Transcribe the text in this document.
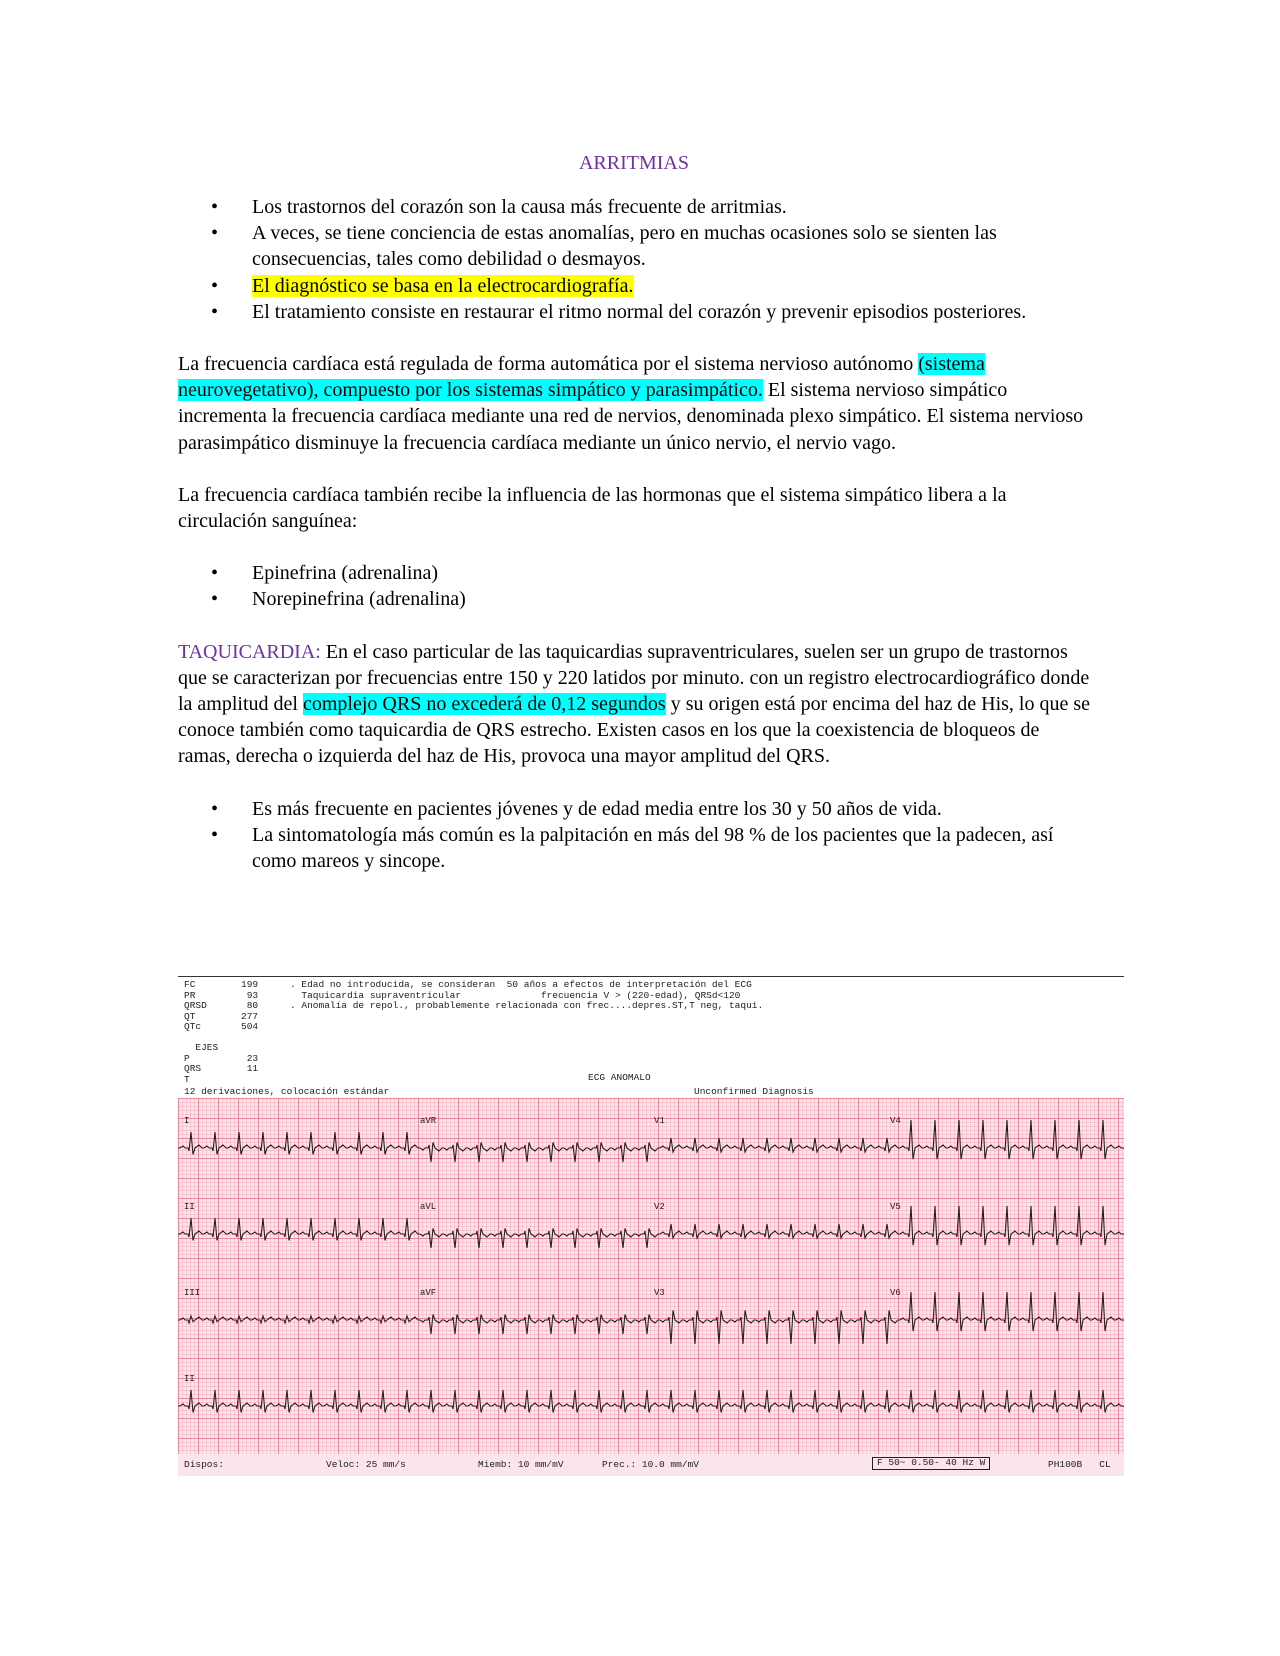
ARRITMIAS
• Los trastornos del corazón son la causa más frecuente de arritmias.
• A veces, se tiene conciencia de estas anomalías, pero en muchas ocasiones solo se sienten las consecuencias, tales como debilidad o desmayos.
• El diagnóstico se basa en la electrocardiografía.
• El tratamiento consiste en restaurar el ritmo normal del corazón y prevenir episodios posteriores.

La frecuencia cardíaca está regulada de forma automática por el sistema nervioso autónomo (sistema neurovegetativo), compuesto por los sistemas simpático y parasimpático. El sistema nervioso simpático incrementa la frecuencia cardíaca mediante una red de nervios, denominada plexo simpático. El sistema nervioso parasimpático disminuye la frecuencia cardíaca mediante un único nervio, el nervio vago.

La frecuencia cardíaca también recibe la influencia de las hormonas que el sistema simpático libera a la circulación sanguínea:

• Epinefrina (adrenalina)
• Norepinefrina (adrenalina)

TAQUICARDIA: En el caso particular de las taquicardias supraventriculares, suelen ser un grupo de trastornos que se caracterizan por frecuencias entre 150 y 220 latidos por minuto. con un registro electrocardiográfico donde la amplitud del complejo QRS no excederá de 0,12 segundos y su origen está por encima del haz de His, lo que se conoce también como taquicardia de QRS estrecho. Existen casos en los que la coexistencia de bloqueos de ramas, derecha o izquierda del haz de His, provoca una mayor amplitud del QRS.

• Es más frecuente en pacientes jóvenes y de edad media entre los 30 y 50 años de vida.
• La sintomatología más común es la palpitación en más del 98 % de los pacientes que la padecen, así como mareos y sincope.
FC        199
PR         93
QRSD       80
QT        277
QTc       504

EJES
P          23
QRS        11
T
. Edad no introducida, se consideran  50 años a efectos de interpretación del ECG
Taquicardia supraventricular              frecuencia V > (220-edad), QRSd<120
. Anomalía de repol., probablemente relacionada con frec....depres.ST,T neg, taqui.
ECG ANOMALO
12 derivaciones, colocación estándar	Unconfirmed Diagnosis
I	aVR	V1	V4
II	aVL	V2	V5
III	aVF	V3	V6
II
Dispos:	Veloc: 25 mm/s	Miemb: 10 mm/mV	Prec.: 10.0 mm/mV	F 50~ 0.50- 40 Hz W	PH100B   CL
